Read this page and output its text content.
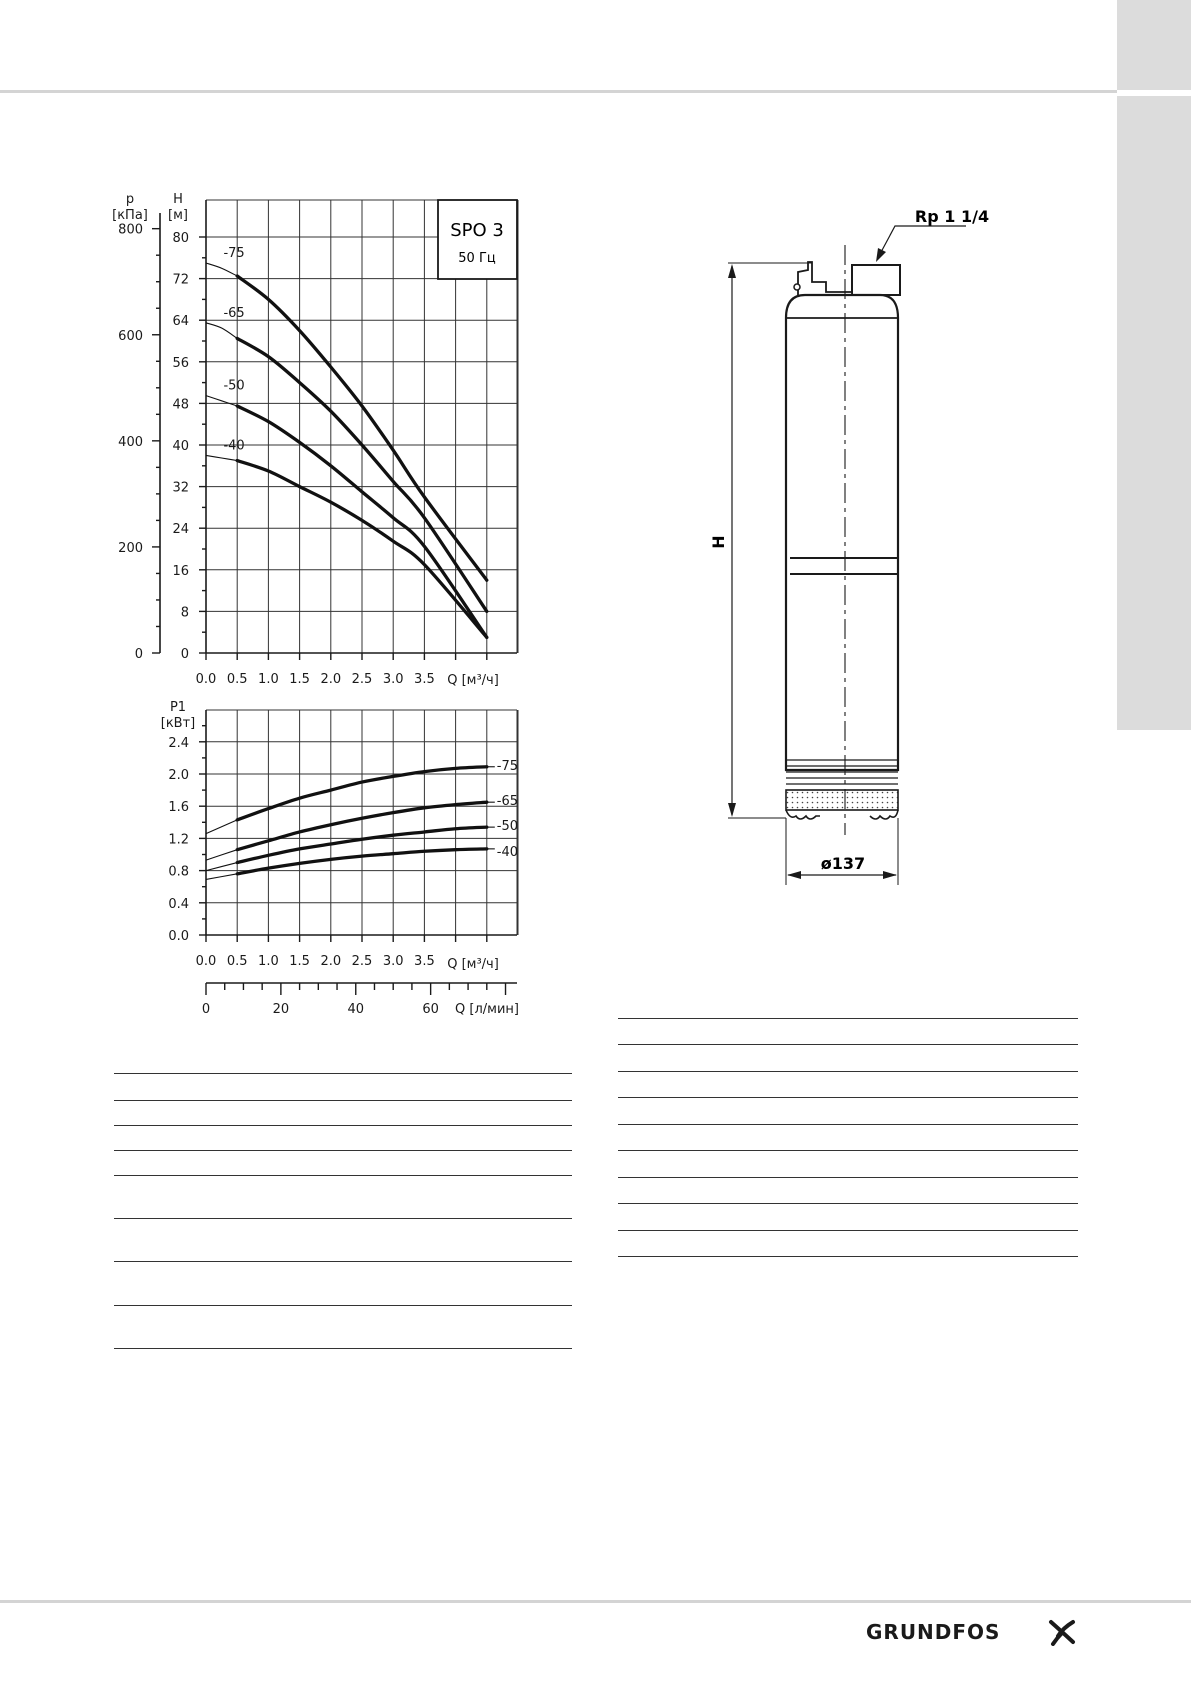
0
8
16
24
32
40
48
56
64
72
80
0
200
400
600
800
0.0 0.5 1.0 1.5 2.0 2.5 3.0 3.5
-75
-65
-50
-40
0.0
0.4
0.8
1.2
1.6
2.0
2.4
0.0 0.5 1.0 1.5 2.0 2.5 3.0 3.5
-75
-65
-50
-40
0	20	40	60
SPO 3
50 Гц
p
[кПа]
H
[м]
Q [м³/ч]
P1
[кВт]
Q [м³/ч]
Q [л/мин]
H
ø137
Rp 1 1/4
GRUNDFOS
